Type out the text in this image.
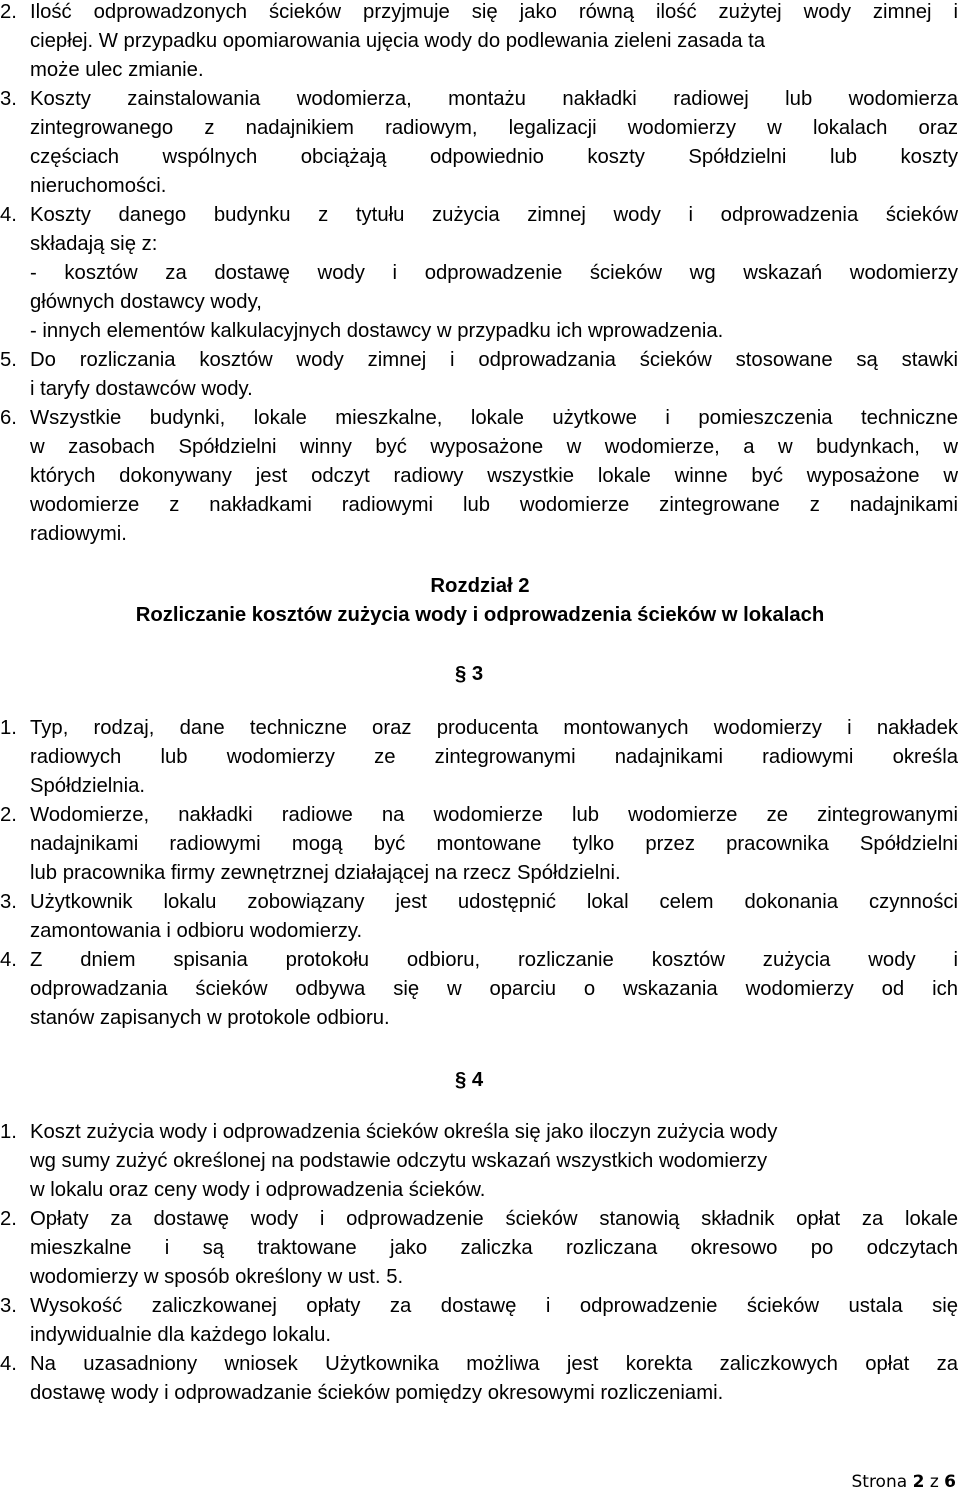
2. Ilość odprowadzonych ścieków przyjmuje się jako równą ilość zużytej wody zimnej i
ciepłej. W przypadku opomiarowania ujęcia wody do podlewania zieleni zasada ta
może ulec zmianie.
3. Koszty zainstalowania wodomierza, montażu nakładki radiowej lub wodomierza
zintegrowanego z nadajnikiem radiowym, legalizacji wodomierzy w lokalach oraz
częściach wspólnych obciążają odpowiednio koszty Spółdzielni lub koszty
nieruchomości.
4. Koszty danego budynku z tytułu zużycia zimnej wody i odprowadzenia ścieków
składają się z:
- kosztów za dostawę wody i odprowadzenie ścieków wg wskazań wodomierzy
głównych dostawcy wody,
- innych elementów kalkulacyjnych dostawcy w przypadku ich wprowadzenia.
5. Do rozliczania kosztów wody zimnej i odprowadzania ścieków stosowane są stawki
i taryfy dostawców wody.
6. Wszystkie budynki, lokale mieszkalne, lokale użytkowe i pomieszczenia techniczne
w zasobach Spółdzielni winny być wyposażone w wodomierze, a w budynkach, w
których dokonywany jest odczyt radiowy wszystkie lokale winne być wyposażone w
wodomierze z nakładkami radiowymi lub wodomierze zintegrowane z nadajnikami
radiowymi.
Rozdział 2
Rozliczanie kosztów zużycia wody i odprowadzenia ścieków w lokalach
§ 3
1. Typ, rodzaj, dane techniczne oraz producenta montowanych wodomierzy i nakładek
radiowych lub wodomierzy ze zintegrowanymi nadajnikami radiowymi określa
Spółdzielnia.
2. Wodomierze, nakładki radiowe na wodomierze lub wodomierze ze zintegrowanymi
nadajnikami radiowymi mogą być montowane tylko przez pracownika Spółdzielni
lub pracownika firmy zewnętrznej działającej na rzecz Spółdzielni.
3. Użytkownik lokalu zobowiązany jest udostępnić lokal celem dokonania czynności
zamontowania i odbioru wodomierzy.
4. Z dniem spisania protokołu odbioru, rozliczanie kosztów zużycia wody i
odprowadzania ścieków odbywa się w oparciu o wskazania wodomierzy od ich
stanów zapisanych w protokole odbioru.
§ 4
1. Koszt zużycia wody i odprowadzenia ścieków określa się jako iloczyn zużycia wody
wg sumy zużyć określonej na podstawie odczytu wskazań wszystkich wodomierzy
w lokalu oraz ceny wody i odprowadzenia ścieków.
2. Opłaty za dostawę wody i odprowadzenie ścieków stanowią składnik opłat za lokale
mieszkalne i są traktowane jako zaliczka rozliczana okresowo po odczytach
wodomierzy w sposób określony w ust. 5.
3. Wysokość zaliczkowanej opłaty za dostawę i odprowadzenie ścieków ustala się
indywidualnie dla każdego lokalu.
4. Na uzasadniony wniosek Użytkownika możliwa jest korekta zaliczkowych opłat za
dostawę wody i odprowadzanie ścieków pomiędzy okresowymi rozliczeniami.
Strona 2 z 6
